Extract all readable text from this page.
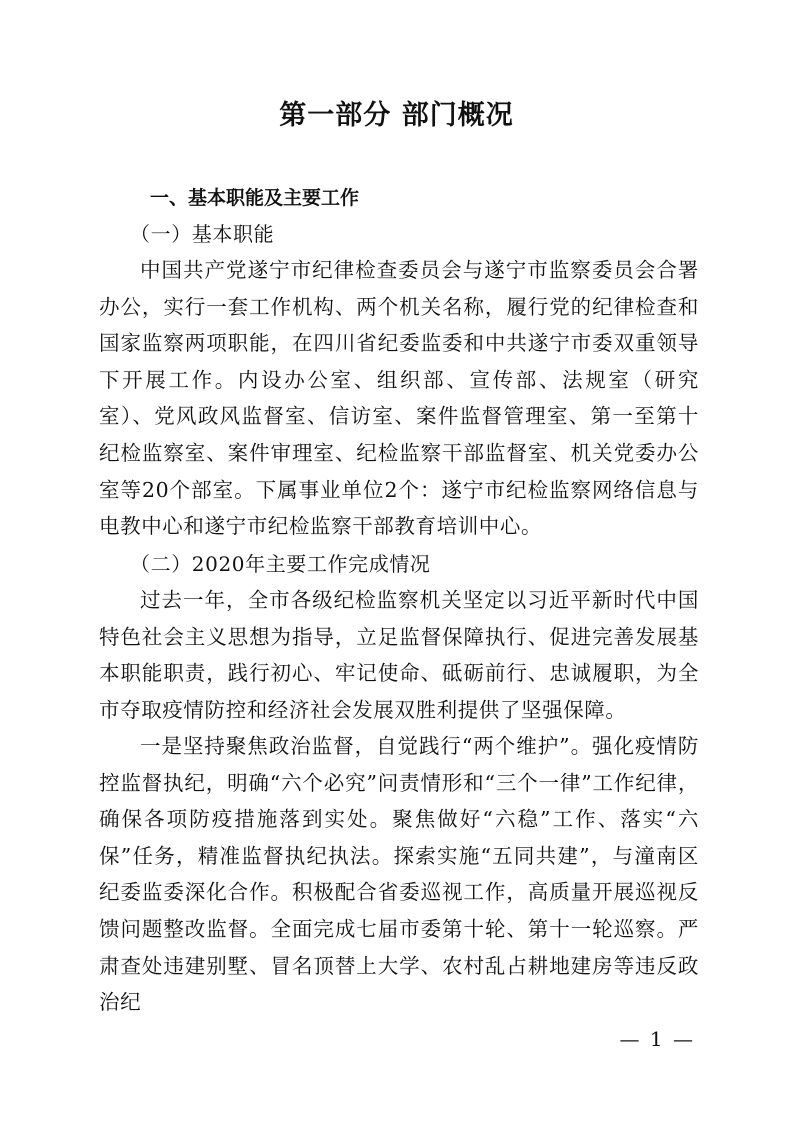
第一部分 部门概况
一、基本职能及主要工作

（一）基本职能

中国共产党遂宁市纪律检查委员会与遂宁市监察委员会合署办公，实行一套工作机构、两个机关名称，履行党的纪律检查和国家监察两项职能，在四川省纪委监委和中共遂宁市委双重领导下开展工作。内设办公室、组织部、宣传部、法规室（研究室）、党风政风监督室、信访室、案件监督管理室、第一至第十纪检监察室、案件审理室、纪检监察干部监督室、机关党委办公室等20个部室。下属事业单位2个：遂宁市纪检监察网络信息与电教中心和遂宁市纪检监察干部教育培训中心。

（二）2020年主要工作完成情况

过去一年，全市各级纪检监察机关坚定以习近平新时代中国特色社会主义思想为指导，立足监督保障执行、促进完善发展基本职能职责，践行初心、牢记使命、砥砺前行、忠诚履职，为全市夺取疫情防控和经济社会发展双胜利提供了坚强保障。

一是坚持聚焦政治监督，自觉践行“两个维护”。强化疫情防控监督执纪，明确“六个必究”问责情形和“三个一律”工作纪律，确保各项防疫措施落到实处。聚焦做好“六稳”工作、落实“六保”任务，精准监督执纪执法。探索实施“五同共建”，与潼南区纪委监委深化合作。积极配合省委巡视工作，高质量开展巡视反馈问题整改监督。全面完成七届市委第十轮、第十一轮巡察。严肃查处违建别墅、冒名顶替上大学、农村乱占耕地建房等违反政治纪

— 1 —
